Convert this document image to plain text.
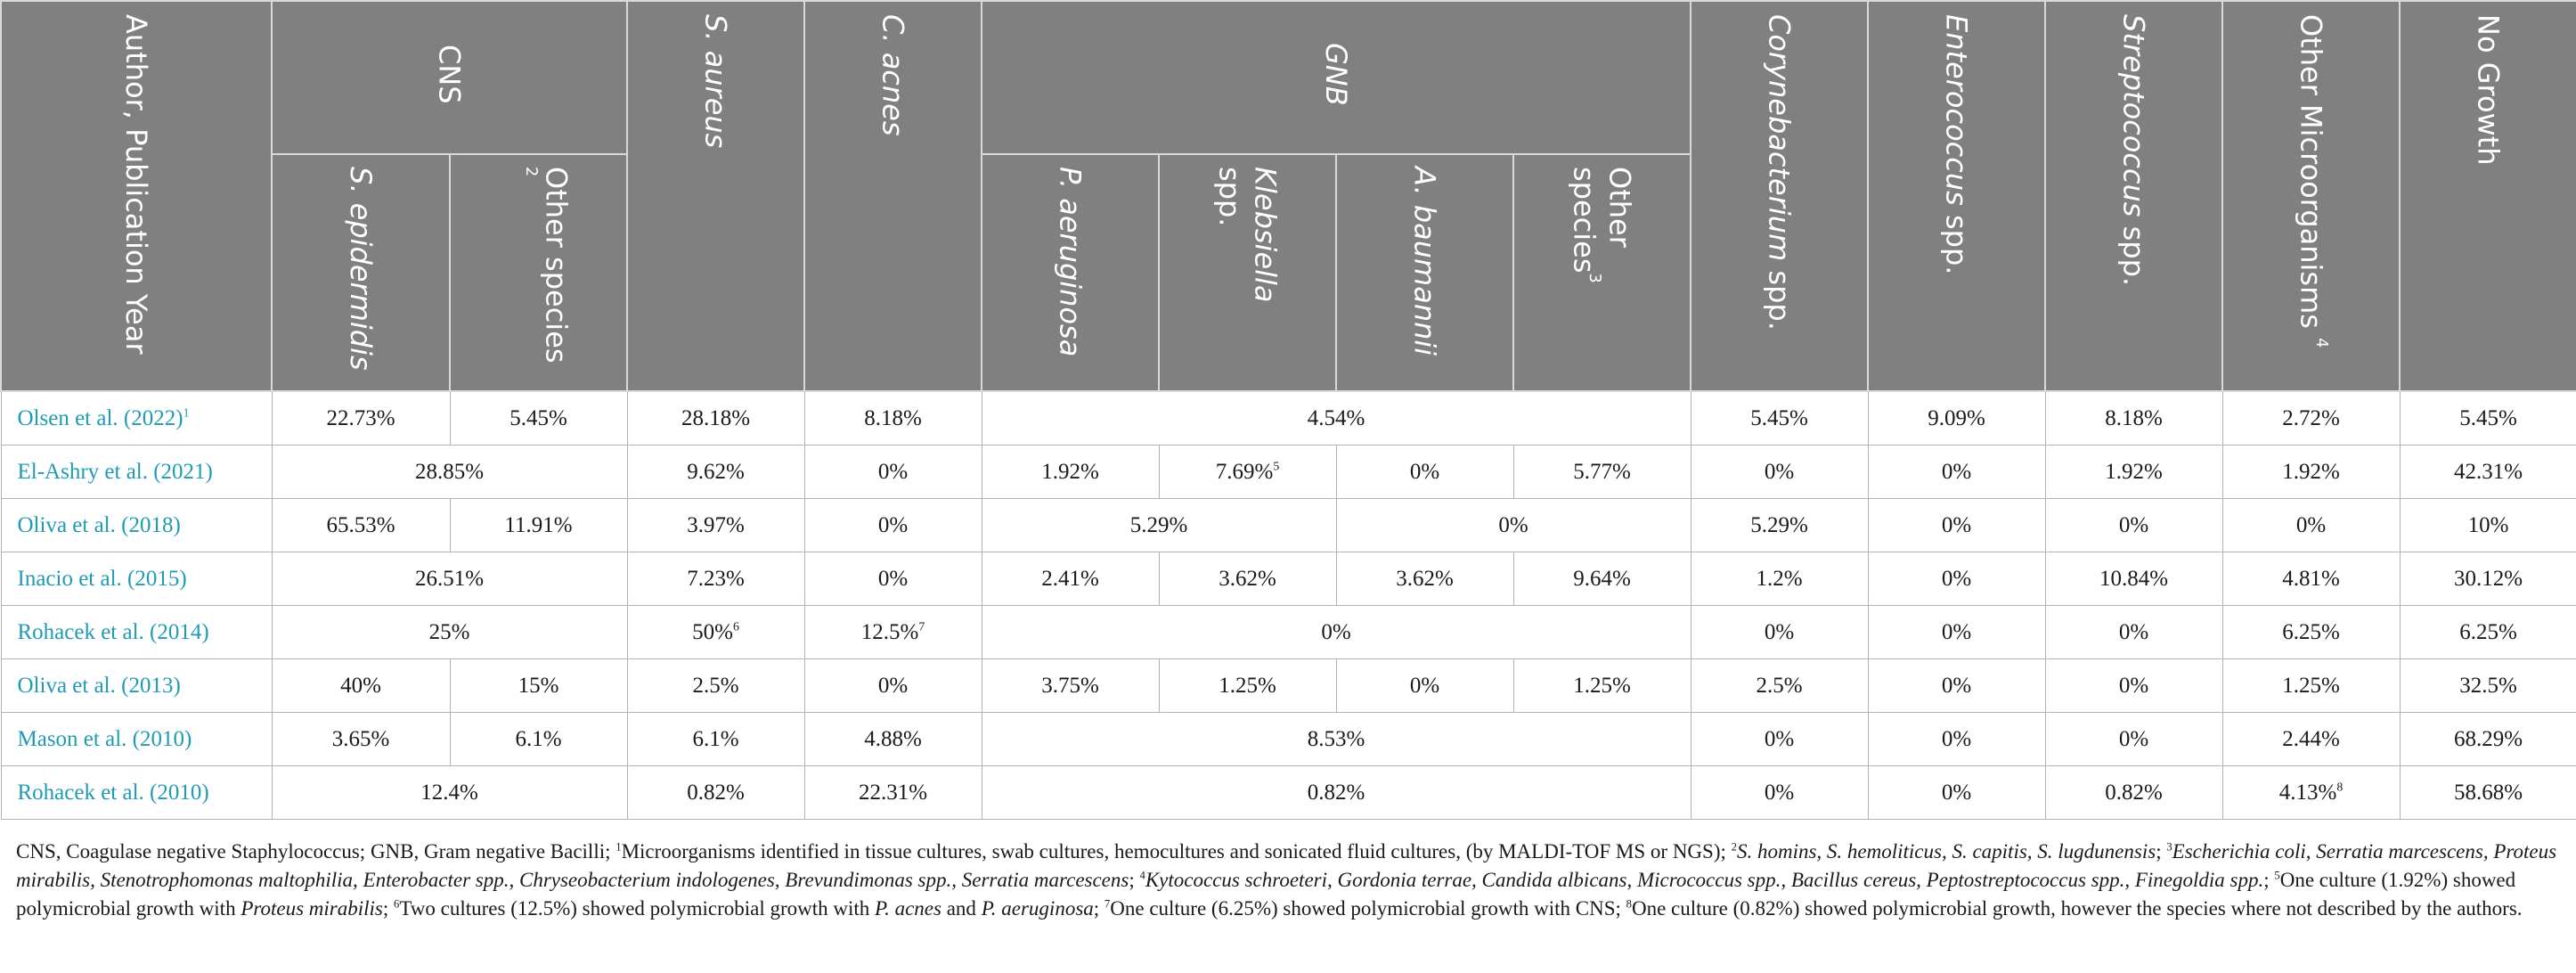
Author, Publication Year	CNS		S. aureus	C. acnes	GNB				Corynebacterium spp.	Enterococcus spp.	Streptococcus spp.	Other Microorganisms $^4$	No Growth
	S. epidermidis	Other species $^2$			P. aeruginosa	Klebsiella spp.	A. baumannii	Other species$^3$
Olsen et al. $(2022)^1$	22.73%	5.45%	28.18%	8.18%	4.54%				5.45%	9.09%	8.18%	2.72%	5.45%
El-Ashry et al. (2021)	28.85%		9.62%	0%	1.92%	7.69%$^5$	0%	5.77%	0%	0%	1.92%	1.92%	42.31%
Oliva et al. (2018)	65.53%	11.91%	3.97%	0%	5.29%		0%		5.29%	0%	0%	0%	10%
Inacio et al. (2015)	26.51%		7.23%	0%	2.41%	3.62%	3.62%	9.64%	1.2%	0%	10.84%	4.81%	30.12%
Rohacek et al. (2014)	25%		50%$^6$	12.5%$^7$	0%				0%	0%	0%	6.25%	6.25%
Oliva et al. (2013)	40%	15%	2.5%	0%	3.75%	1.25%	0%	1.25%	2.5%	0%	0%	1.25%	32.5%
Mason et al. (2010)	3.65%	6.1%	6.1%	4.88%	8.53%				0%	0%	0%	2.44%	68.29%
Rohacek et al. (2010)	12.4%		0.82%	22.31%	0.82%				0%	0%	0.82%	4.13%$^8$	58.68%
CNS, Coagulase negative Staphylococcus; GNB, Gram negative Bacilli; $^1$Microorganisms identified in tissue cultures, swab cultures, hemocultures and sonicated fluid cultures, (by MALDI-TOF MS or NGS); $^2$S. homins, S. hemoliticus, S. capitis, S. lugdunensis; $^3$Escherichia coli, Serratia marcescens, Proteus mirabilis, Stenotrophomonas maltophilia, Enterobacter spp., Chryseobacterium indologenes, Brevundimonas spp., Serratia marcescens; $^4$Kytococcus schroeteri, Gordonia terrae, Candida albicans, Micrococcus spp., Bacillus cereus, Peptostreptococcus spp., Finegoldia spp.; $^5$One culture (1.92%) showed polymicrobial growth with Proteus mirabilis; $^6$Two cultures (12.5%) showed polymicrobial growth with P. acnes and P. aeruginosa; $^7$One culture (6.25%) showed polymicrobial growth with CNS; $^8$One culture (0.82%) showed polymicrobial growth, however the species where not described by the authors.
